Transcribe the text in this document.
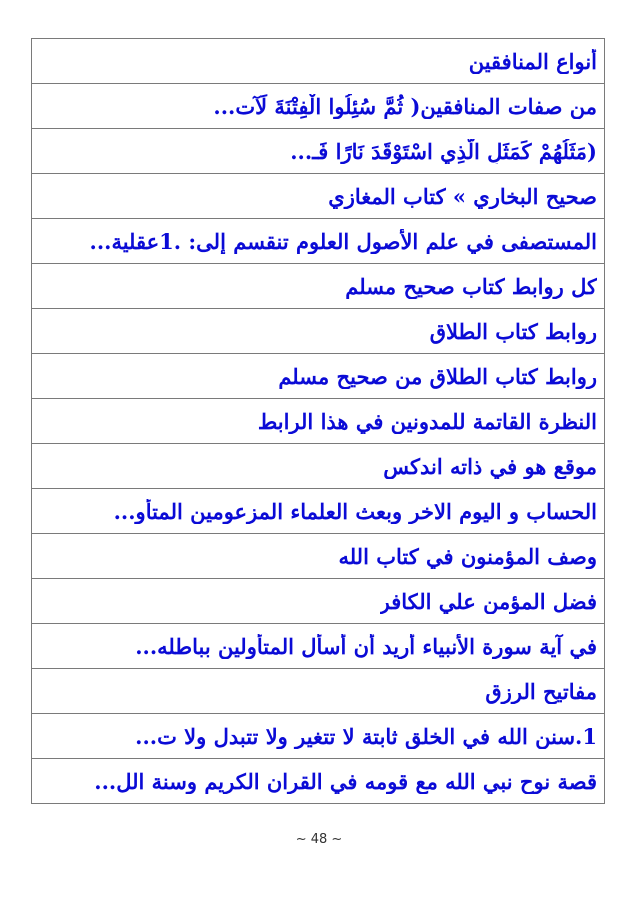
أنواع المنافقين
من صفات المنافقين( ثُمَّ سُئِلُوا الْفِتْنَةَ لَآت...
(مَثَلُهُمْ كَمَثَلِ الَّذِي اسْتَوْقَدَ نَارًا فَـ...
صحيح البخاري » كتاب المغازي
المستصفى في علم الأصول العلوم تنقسم إلى: .1عقلية...
كل روابط كتاب صحيح مسلم
روابط كتاب الطلاق
روابط كتاب الطلاق من صحيح مسلم
النظرة القاتمة للمدونين في هذا الرابط
موقع هو في ذاته اندكس
الحساب و اليوم الاخر وبعث العلماء المزعومين المتأو...
وصف المؤمنون في كتاب الله
فضل المؤمن علي الكافر
في آية سورة الأنبياء أريد أن أسأل المتأولين بباطله...
مفاتيح الرزق
1.سنن الله في الخلق ثابتة لا تتغير ولا تتبدل ولا ت...
قصة نوح نبي الله مع قومه في القران الكريم وسنة الل...
~ 48 ~
